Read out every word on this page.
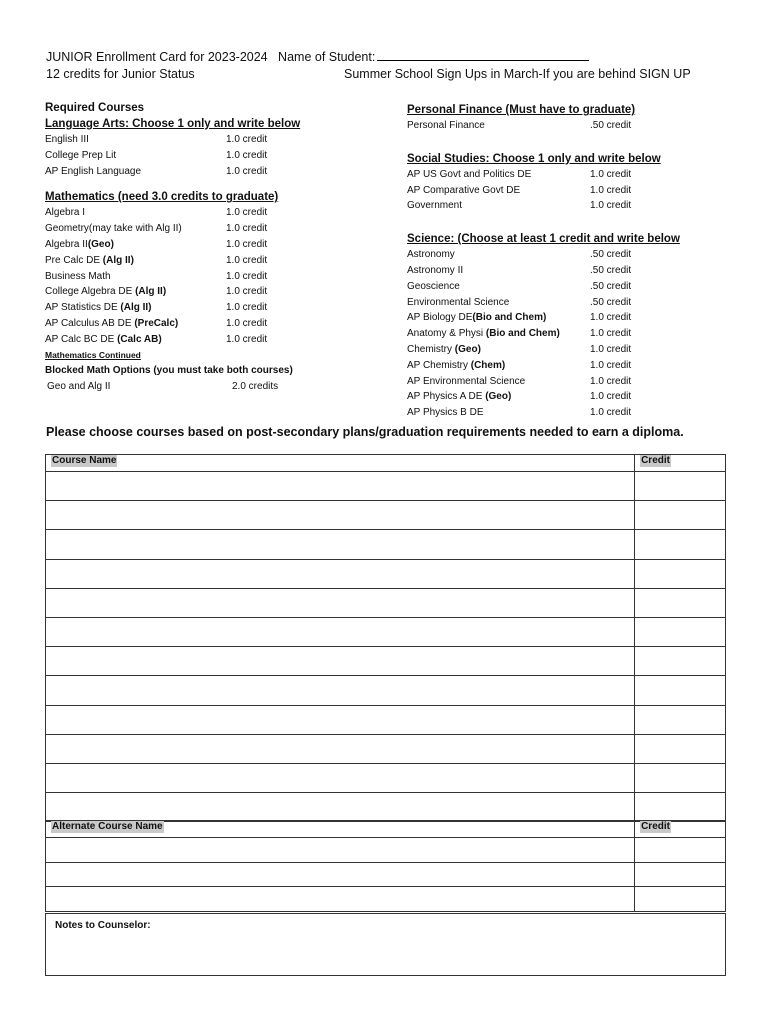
JUNIOR Enrollment Card for 2023-2024 Name of Student:
12 credits for Junior Status	Summer School Sign Ups in March-If you are behind SIGN UP
Required Courses
Language Arts: Choose 1 only and write below
English III	1.0 credit
College Prep Lit	1.0 credit
AP English Language	1.0 credit
Mathematics (need 3.0 credits to graduate)
Algebra I	1.0 credit
Geometry(may take with Alg II)	1.0 credit
Algebra II(Geo)	1.0 credit
Pre Calc DE (Alg II)	1.0 credit
Business Math	1.0 credit
College Algebra DE (Alg II)	1.0 credit
AP Statistics DE (Alg II)	1.0 credit
AP Calculus AB DE (PreCalc)	1.0 credit
AP Calc BC DE (Calc AB)	1.0 credit
Mathematics Continued
Blocked Math Options (you must take both courses)
Geo and Alg II	2.0 credits
Personal Finance (Must have to graduate)
Personal Finance	.50 credit
Social Studies: Choose 1 only and write below
AP US Govt and Politics DE	1.0 credit
AP Comparative Govt DE	1.0 credit
Government	1.0 credit
Science: (Choose at least 1 credit and write below
Astronomy	.50 credit
Astronomy II	.50 credit
Geoscience	.50 credit
Environmental Science	.50 credit
AP Biology DE(Bio and Chem)	1.0 credit
Anatomy & Physi (Bio and Chem)	1.0 credit
Chemistry (Geo)	1.0 credit
AP Chemistry (Chem)	1.0 credit
AP Environmental Science	1.0 credit
AP Physics A DE (Geo)	1.0 credit
AP Physics B DE	1.0 credit
Please choose courses based on post-secondary plans/graduation requirements needed to earn a diploma.
Course Name	Credit

Alternate Course Name	Credit

Notes to Counselor:
